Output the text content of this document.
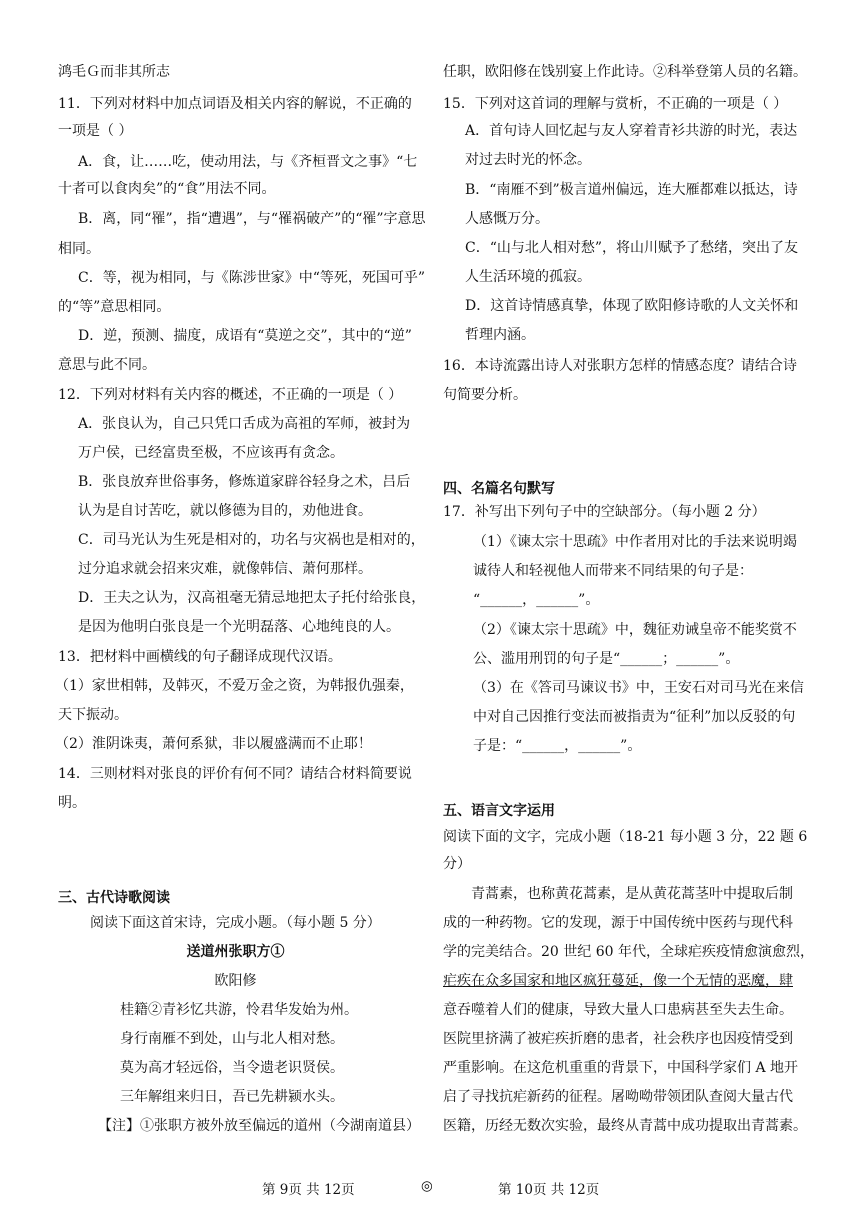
鸿毛Ｇ而非其所志
11．下列对材料中加点词语及相关内容的解说，不正确的
一项是（ ）
A．食，让……吃，使动用法，与《齐桓晋文之事》“七
十者可以食肉矣”的“食”用法不同。
B．离，同“罹”，指“遭遇”，与“罹祸破产”的“罹”字意思
相同。
C．等，视为相同，与《陈涉世家》中“等死，死国可乎”
的“等”意思相同。
D．逆，预测、揣度，成语有“莫逆之交”，其中的“逆”
意思与此不同。
12．下列对材料有关内容的概述，不正确的一项是（ ）
A．张良认为，自己只凭口舌成为高祖的军师，被封为
万户侯，已经富贵至极，不应该再有贪念。
B．张良放弃世俗事务，修炼道家辟谷轻身之术，吕后
认为是自讨苦吃，就以修德为目的，劝他进食。
C．司马光认为生死是相对的，功名与灾祸也是相对的，
过分追求就会招来灾难，就像韩信、萧何那样。
D．王夫之认为，汉高祖毫无猜忌地把太子托付给张良，
是因为他明白张良是一个光明磊落、心地纯良的人。
13．把材料中画横线的句子翻译成现代汉语。
（1）家世相韩，及韩灭，不爱万金之资，为韩报仇强秦，
天下振动。
（2）淮阴诛夷，萧何系狱，非以履盛满而不止耶！
14．三则材料对张良的评价有何不同？请结合材料简要说
明。
三、古代诗歌阅读
阅读下面这首宋诗，完成小题。（每小题 5 分）
送道州张职方①
欧阳修
桂籍②青衫忆共游，怜君华发始为州。
身行南雁不到处，山与北人相对愁。
莫为高才轻远俗，当令遗老识贤侯。
三年解组来归日，吾已先耕颍水头。
【注】①张职方被外放至偏远的道州（今湖南道县）
任职，欧阳修在饯别宴上作此诗。②科举登第人员的名籍。
15．下列对这首词的理解与赏析，不正确的一项是（ ）
A．首句诗人回忆起与友人穿着青衫共游的时光，表达
对过去时光的怀念。
B．“南雁不到”极言道州偏远，连大雁都难以抵达，诗
人感慨万分。
C．“山与北人相对愁”，将山川赋予了愁绪，突出了友
人生活环境的孤寂。
D．这首诗情感真挚，体现了欧阳修诗歌的人文关怀和
哲理内涵。
16．本诗流露出诗人对张职方怎样的情感态度？请结合诗
句简要分析。
四、名篇名句默写
17．补写出下列句子中的空缺部分。（每小题 2 分）
（1）《谏太宗十思疏》中作者用对比的手法来说明竭
诚待人和轻视他人而带来不同结果的句子是：
“______，______”。
（2）《谏太宗十思疏》中，魏征劝诫皇帝不能奖赏不
公、滥用刑罚的句子是“______；______”。
（3）在《答司马谏议书》中，王安石对司马光在来信
中对自己因推行变法而被指责为“征利”加以反驳的句
子是：“______，______”。
五、语言文字运用
阅读下面的文字，完成小题（18-21 每小题 3 分，22 题 6
分）
青蒿素，也称黄花蒿素，是从黄花蒿茎叶中提取后制
成的一种药物。它的发现，源于中国传统中医药与现代科
学的完美结合。20 世纪 60 年代，全球疟疾疫情愈演愈烈，
疟疾在众多国家和地区疯狂蔓延，像一个无情的恶魔，肆
意吞噬着人们的健康，导致大量人口患病甚至失去生命。
医院里挤满了被疟疾折磨的患者，社会秩序也因疫情受到
严重影响。在这危机重重的背景下，中国科学家们 A 地开
启了寻找抗疟新药的征程。屠呦呦带领团队查阅大量古代
医籍，历经无数次实验，最终从青蒿中成功提取出青蒿素。
第 9页 共 12页	◎	第 10页 共 12页
